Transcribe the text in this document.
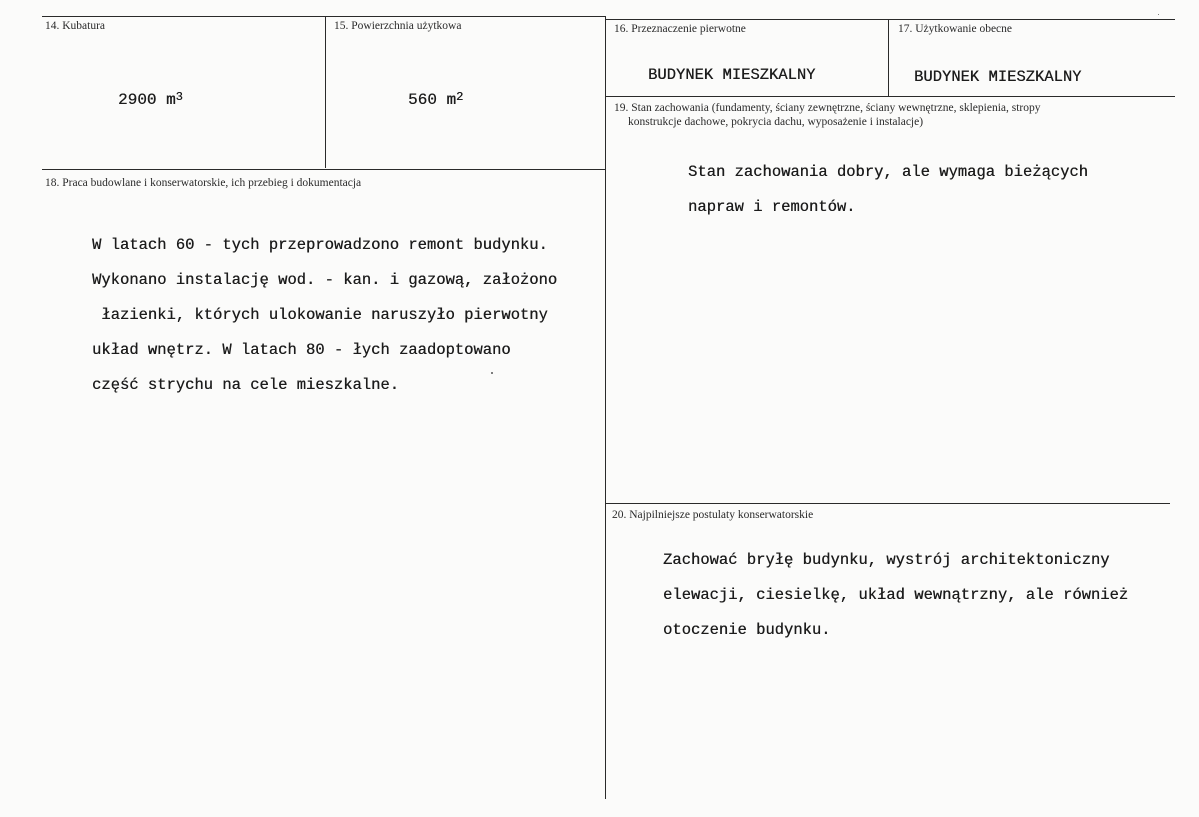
14. Kubatura
2900 $m^3$
15. Powierzchnia użytkowa
560 $m^2$
16. Przeznaczenie pierwotne
BUDYNEK MIESZKALNY
17. Użytkowanie obecne
BUDYNEK MIESZKALNY
18. Praca budowlane i konserwatorskie, ich przebieg i dokumentacja
W latach 60 - tych przeprowadzono remont budynku.
Wykonano instalację wod. - kan. i gazową, założono
łazienki, których ulokowanie naruszyło pierwotny
układ wnętrz. W latach 80 - łych zaadoptowano
część strychu na cele mieszkalne.
19. Stan zachowania (fundamenty, ściany zewnętrzne, ściany wewnętrzne, sklepienia, stropy
konstrukcje dachowe, pokrycia dachu, wyposażenie i instalacje)
Stan zachowania dobry, ale wymaga bieżących
napraw i remontów.
20. Najpilniejsze postulaty konserwatorskie
Zachować bryłę budynku, wystrój architektoniczny
elewacji, ciesielkę, układ wewnątrzny, ale również
otoczenie budynku.
